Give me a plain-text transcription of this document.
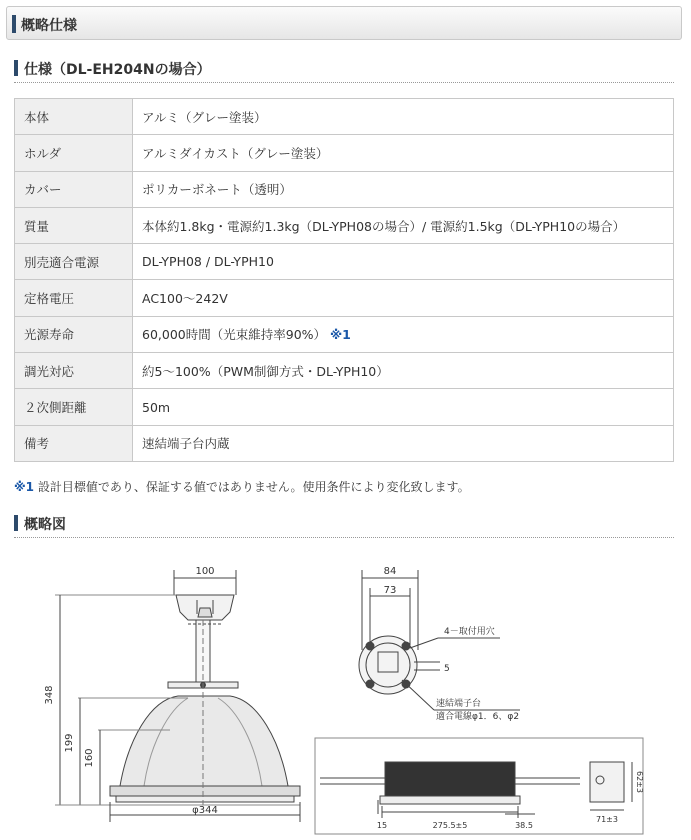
概略仕様
仕様（DL-EH204Nの場合）
本体	アルミ（グレー塗装）
ホルダ	アルミダイカスト（グレー塗装）
カバー	ポリカーボネート（透明）
質量	本体約1.8kg・電源約1.3kg（DL-YPH08の場合）/ 電源約1.5kg（DL-YPH10の場合）
別売適合電源	DL-YPH08 / DL-YPH10
定格電圧	AC100～242V
光源寿命	60,000時間（光束維持率90%） ※1
調光対応	約5～100%（PWM制御方式・DL-YPH10）
２次側距離	50m
備考	速結端子台内蔵
※1 設計目標値であり、保証する値ではありません。使用条件により変化致します。
概略図
100
348
199
160
φ344
84
73
4－取付用穴
5
速結端子台
適合電線φ1．6、φ2
275.5±5
15	38.5
62±3
71±3
